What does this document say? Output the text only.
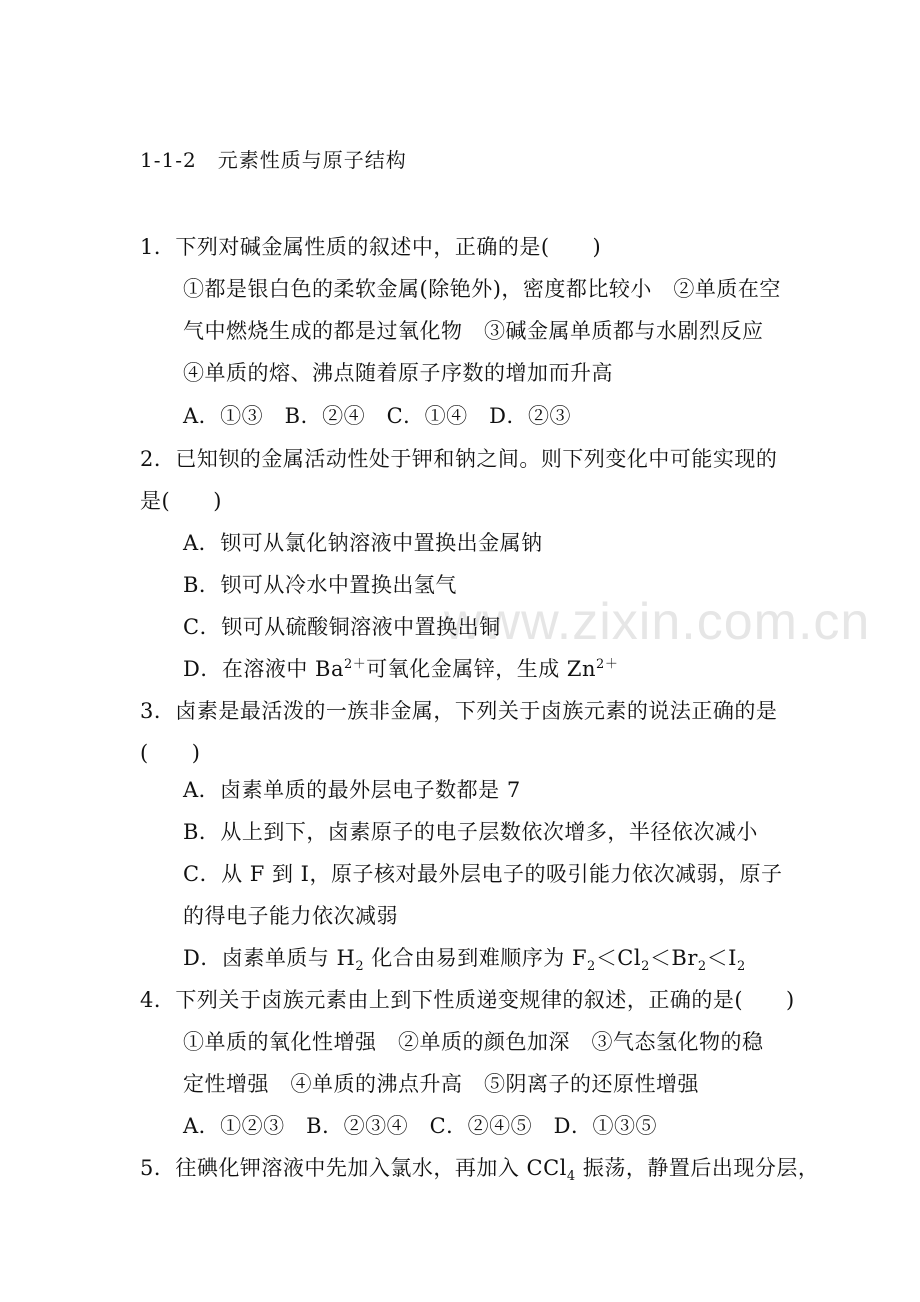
www.zixin.com.cn
1-1-2　元素性质与原子结构
1．下列对碱金属性质的叙述中，正确的是(　　)
①都是银白色的柔软金属(除铯外)，密度都比较小　②单质在空
气中燃烧生成的都是过氧化物　③碱金属单质都与水剧烈反应
④单质的熔、沸点随着原子序数的增加而升高
A．①③　B．②④　C．①④　D．②③
2．已知钡的金属活动性处于钾和钠之间。则下列变化中可能实现的
是(　　)
A．钡可从氯化钠溶液中置换出金属钠
B．钡可从冷水中置换出氢气
C．钡可从硫酸铜溶液中置换出铜
D．在溶液中 $Ba^{2+}$可氧化金属锌，生成 $Zn^{2+}$
3．卤素是最活泼的一族非金属，下列关于卤族元素的说法正确的是
(　　)
A．卤素单质的最外层电子数都是 7
B．从上到下，卤素原子的电子层数依次增多，半径依次减小
C．从 F 到 I，原子核对最外层电子的吸引能力依次减弱，原子
的得电子能力依次减弱
D．卤素单质与 $H_2$ 化合由易到难顺序为 $F_2<Cl_2<Br_2<I_2$
4．下列关于卤族元素由上到下性质递变规律的叙述，正确的是(　　)
①单质的氧化性增强　②单质的颜色加深　③气态氢化物的稳
定性增强　④单质的沸点升高　⑤阴离子的还原性增强
A．①②③　B．②③④　C．②④⑤　D．①③⑤
5．往碘化钾溶液中先加入氯水，再加入 CCl$_4$ 振荡，静置后出现分层，
